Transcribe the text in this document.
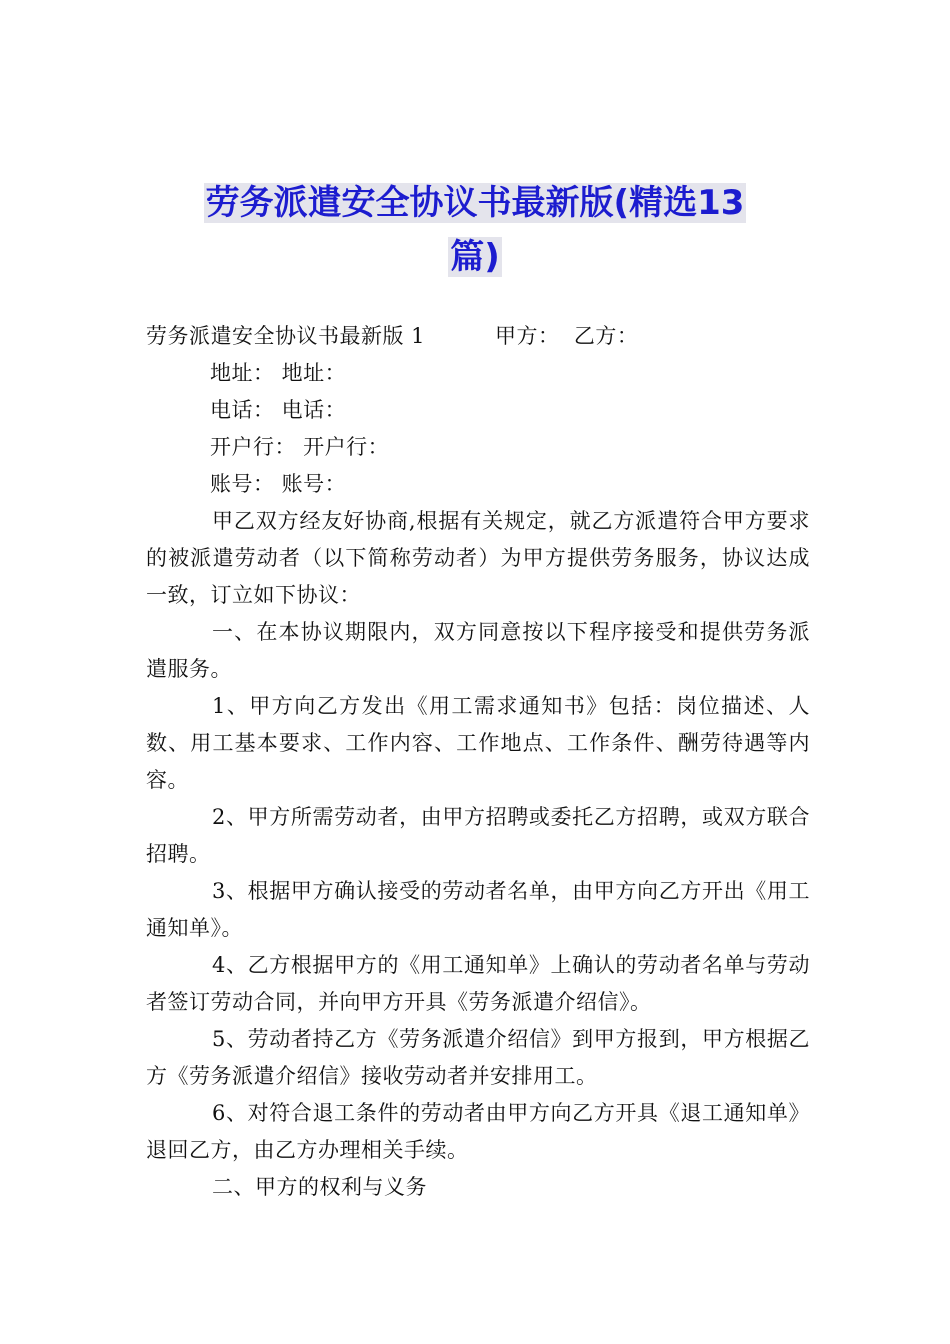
劳务派遣安全协议书最新版(精选13
篇)
劳务派遣安全协议书最新版 1	甲方： 乙方：
地址： 地址：
电话： 电话：
开户行： 开户行：
账号： 账号：

甲乙双方经友好协商,根据有关规定，就乙方派遣符合甲方要求的被派遣劳动者（以下简称劳动者）为甲方提供劳务服务，协议达成一致，订立如下协议：

一、在本协议期限内，双方同意按以下程序接受和提供劳务派遣服务。

1、甲方向乙方发出《用工需求通知书》包括：岗位描述、人数、用工基本要求、工作内容、工作地点、工作条件、酬劳待遇等内容。

2、甲方所需劳动者，由甲方招聘或委托乙方招聘，或双方联合招聘。

3、根据甲方确认接受的劳动者名单，由甲方向乙方开出《用工通知单》。

4、乙方根据甲方的《用工通知单》上确认的劳动者名单与劳动者签订劳动合同，并向甲方开具《劳务派遣介绍信》。

5、劳动者持乙方《劳务派遣介绍信》到甲方报到，甲方根据乙方《劳务派遣介绍信》接收劳动者并安排用工。

6、对符合退工条件的劳动者由甲方向乙方开具《退工通知单》退回乙方，由乙方办理相关手续。

二、甲方的权利与义务
